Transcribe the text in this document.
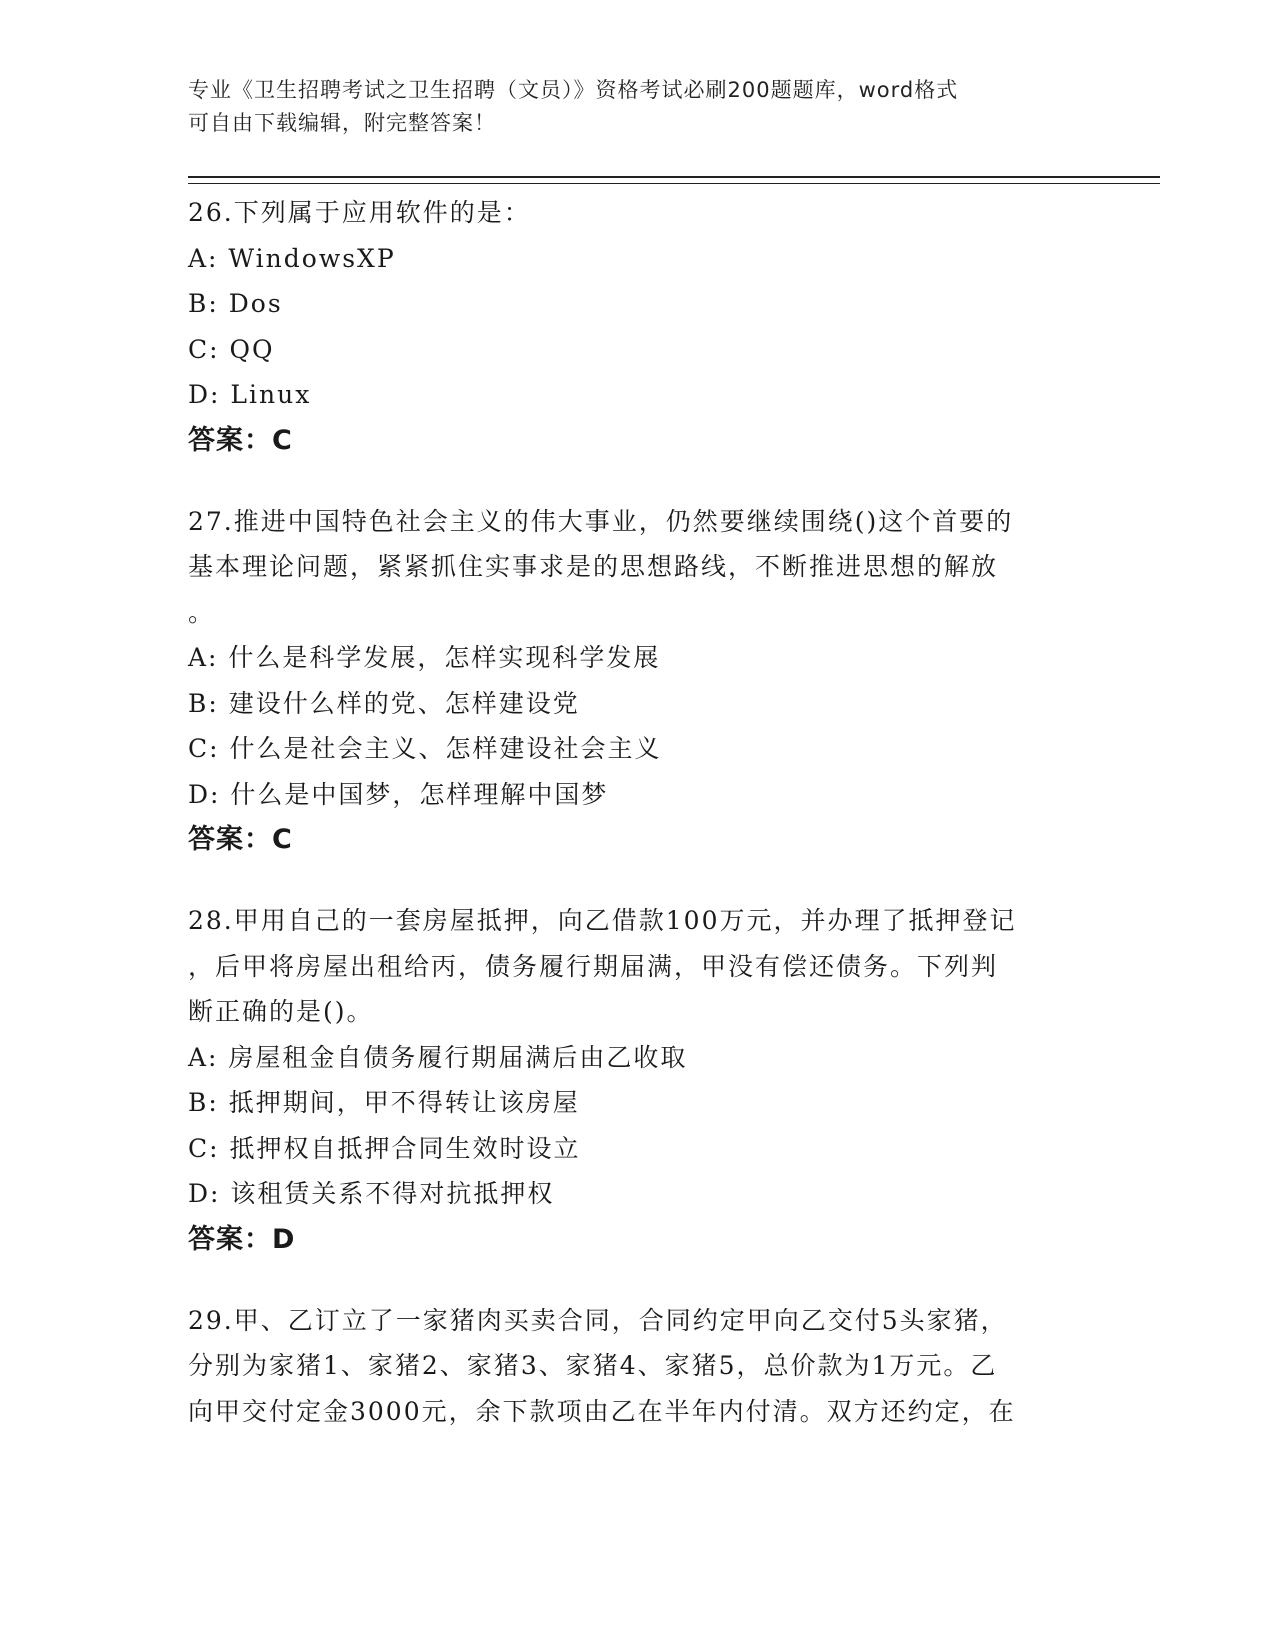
专业《卫生招聘考试之卫生招聘（文员）》资格考试必刷200题题库，word格式
可自由下载编辑，附完整答案！
26.下列属于应用软件的是：
A: WindowsXP
B: Dos
C: QQ
D: Linux
答案：C
27.推进中国特色社会主义的伟大事业，仍然要继续围绕()这个首要的
基本理论问题，紧紧抓住实事求是的思想路线，不断推进思想的解放
。
A: 什么是科学发展，怎样实现科学发展
B: 建设什么样的党、怎样建设党
C: 什么是社会主义、怎样建设社会主义
D: 什么是中国梦，怎样理解中国梦
答案：C
28.甲用自己的一套房屋抵押，向乙借款100万元，并办理了抵押登记
，后甲将房屋出租给丙，债务履行期届满，甲没有偿还债务。下列判
断正确的是()。
A: 房屋租金自债务履行期届满后由乙收取
B: 抵押期间，甲不得转让该房屋
C: 抵押权自抵押合同生效时设立
D: 该租赁关系不得对抗抵押权
答案：D
29.甲、乙订立了一家猪肉买卖合同，合同约定甲向乙交付5头家猪，
分别为家猪1、家猪2、家猪3、家猪4、家猪5，总价款为1万元。乙
向甲交付定金3000元，余下款项由乙在半年内付清。双方还约定，在
